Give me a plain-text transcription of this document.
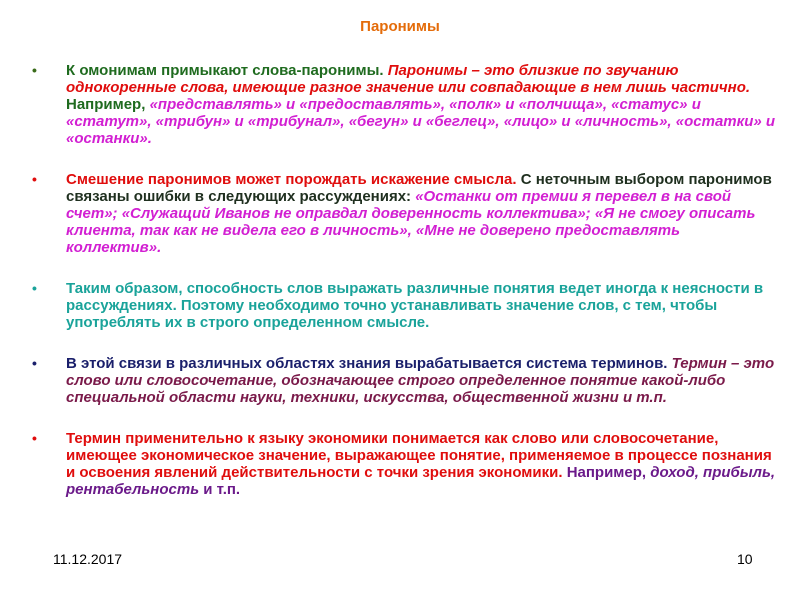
Паронимы
• К омонимам примыкают слова-паронимы. Паронимы – это близкие по звучанию однокоренные слова, имеющие разное значение или совпадающие в нем лишь частично. Например, «представлять» и «предоставлять», «полк» и «полчища», «статус» и «статут», «трибун» и «трибунал», «бегун» и «беглец», «лицо» и «личность», «остатки» и «останки».
• Смешение паронимов может порождать искажение смысла. С неточным выбором паронимов связаны ошибки в следующих рассуждениях: «Останки от премии я перевел в на свой счет»; «Служащий Иванов не оправдал доверенность коллектива»; «Я не смогу описать клиента, так как не видела его в личность», «Мне не доверено предоставлять коллектив».
• Таким образом, способность слов выражать различные понятия ведет иногда к неясности в рассуждениях. Поэтому необходимо точно устанавливать значение слов, с тем, чтобы употреблять их в строго определенном смысле.
• В этой связи в различных областях знания вырабатывается система терминов. Термин – это слово или словосочетание, обозначающее строго определенное понятие какой-либо специальной области науки, техники, искусства, общественной жизни и т.п.
• Термин применительно к языку экономики понимается как слово или словосочетание, имеющее экономическое значение, выражающее понятие, применяемое в процессе познания и освоения явлений действительности с точки зрения экономики. Например, доход, прибыль, рентабельность и т.п.
11.12.2017	10
